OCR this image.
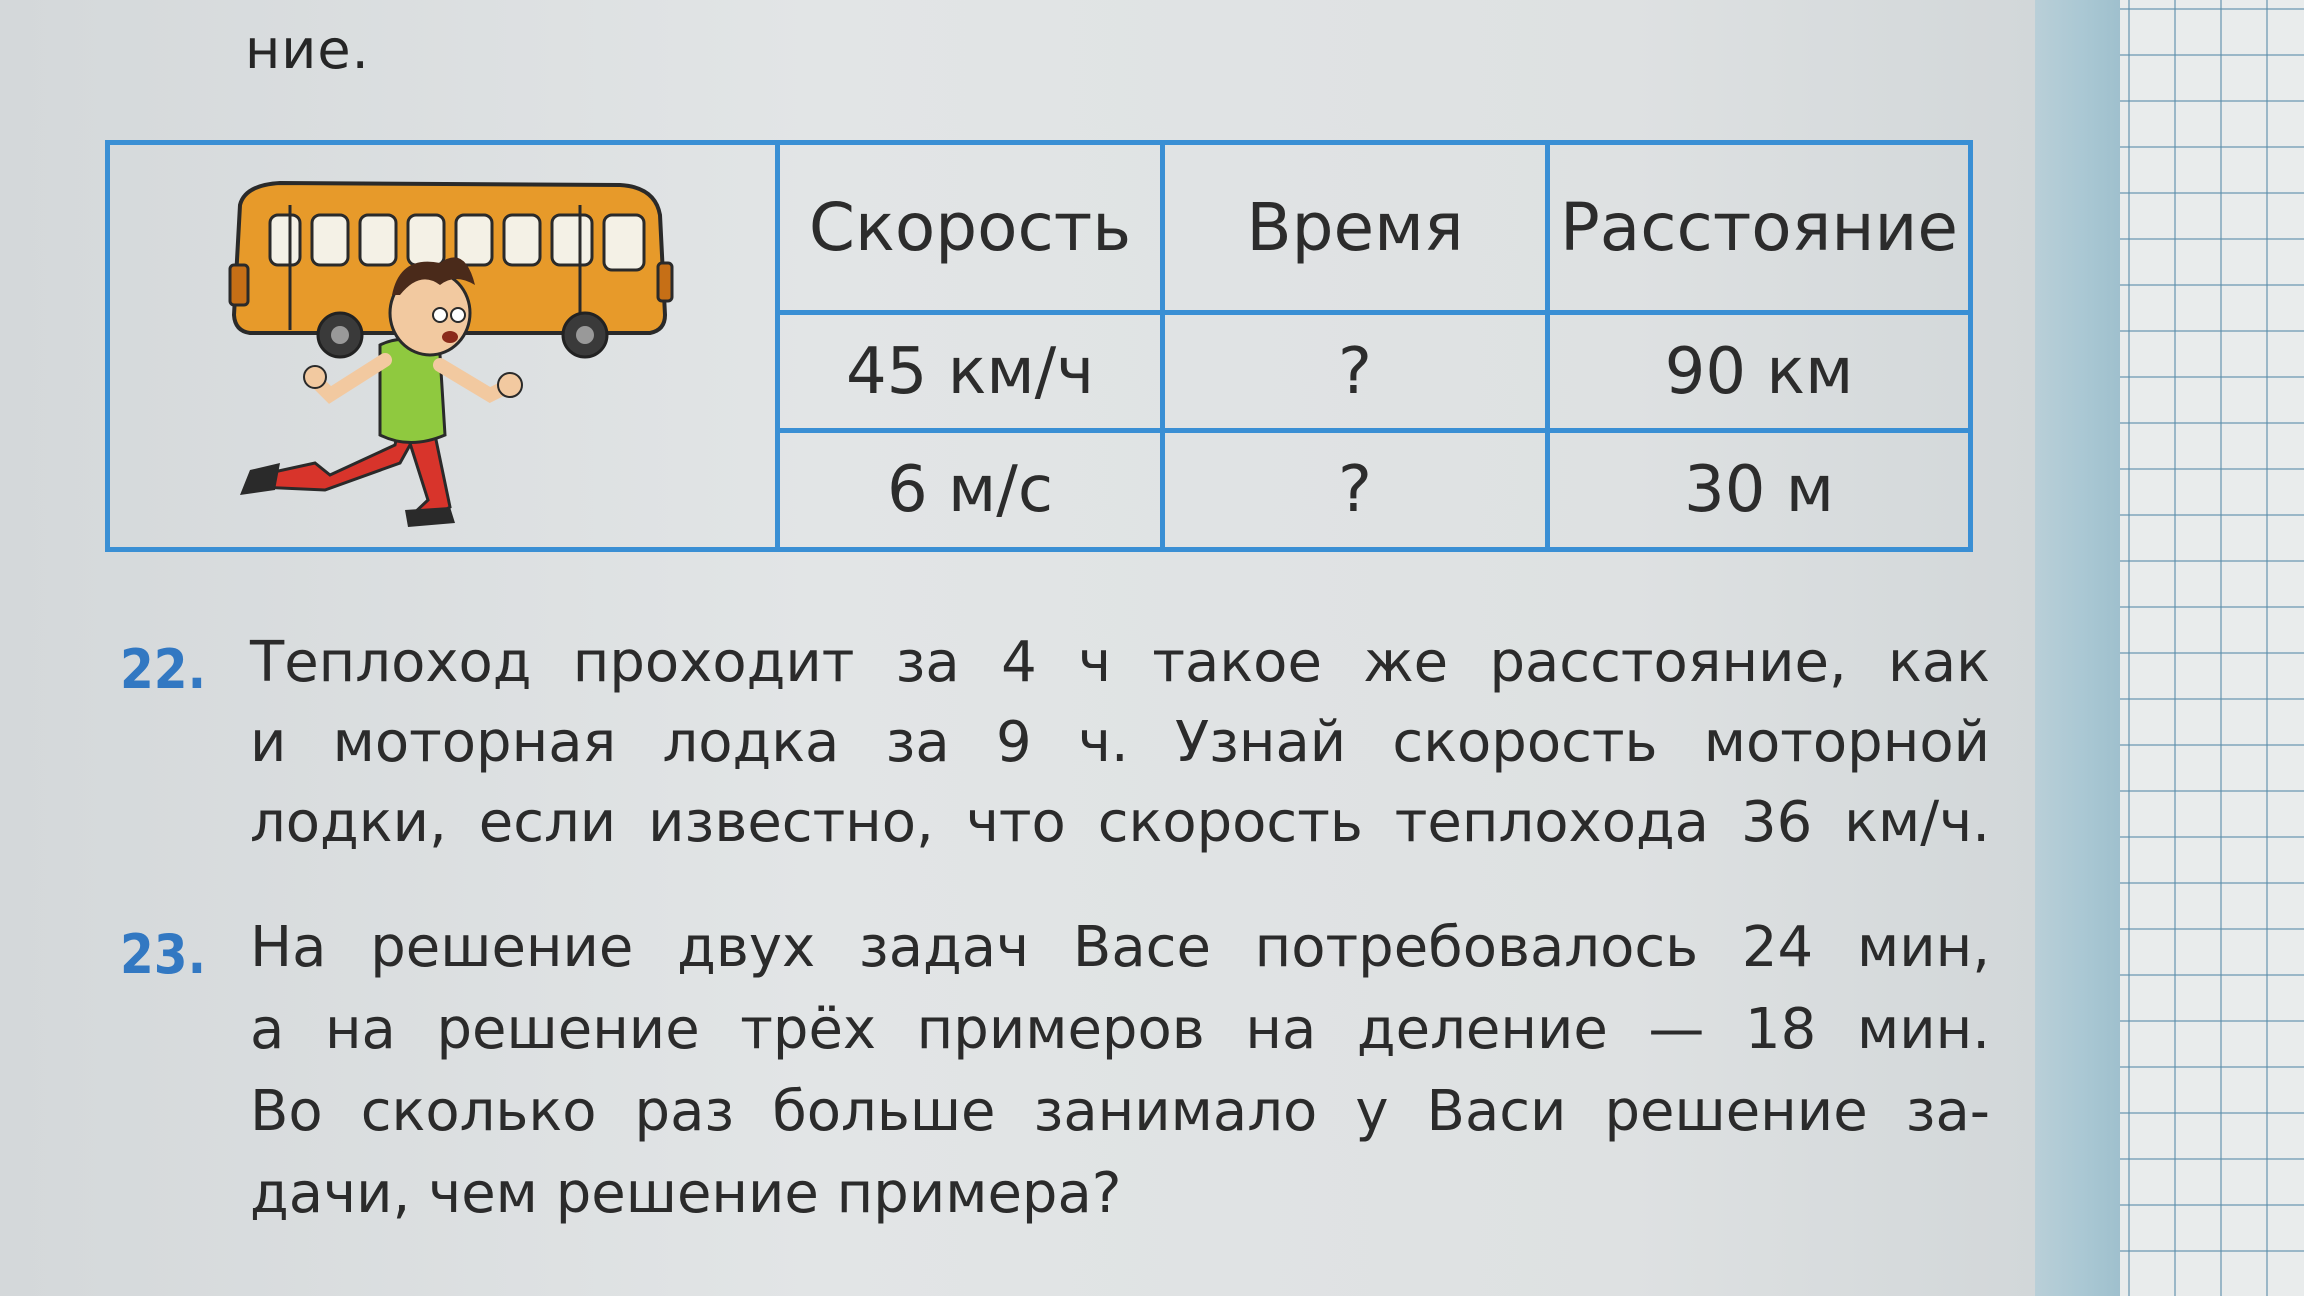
ние.
Скорость	Время	Расстояние
45 км/ч	?	90 км
6 м/с	?	30 м
22. Теплоход проходит за 4 ч такое же расстояние, как
и моторная лодка за 9 ч. Узнай скорость моторной
лодки, если известно, что скорость теплохода 36 км/ч.
23. На решение двух задач Васе потребовалось 24 мин,
а на решение трёх примеров на деление — 18 мин.
Во сколько раз больше занимало у Васи решение за-
дачи, чем решение примера?
